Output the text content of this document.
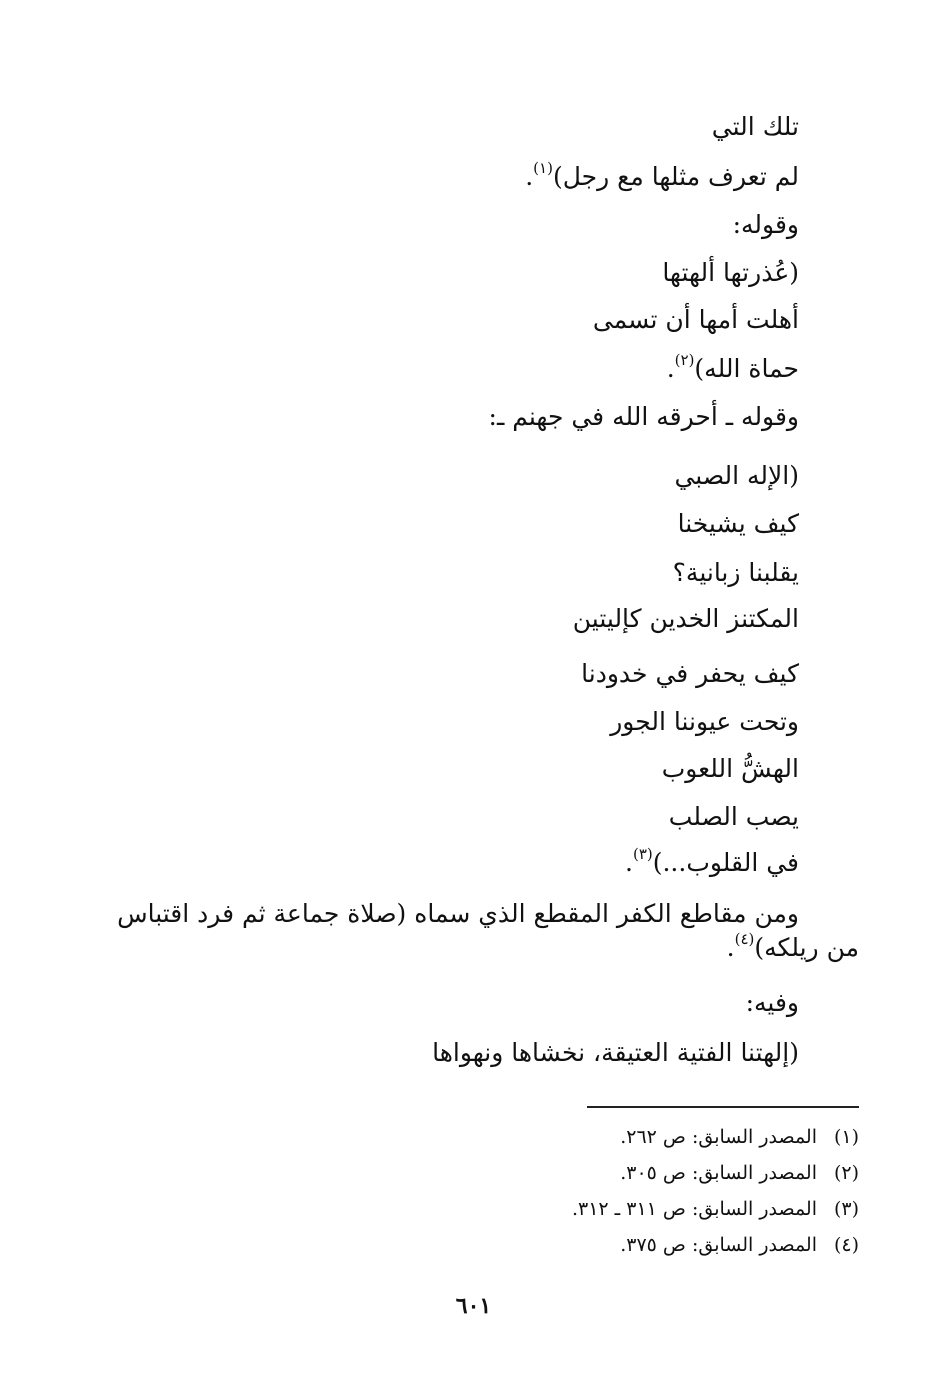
تلك التي
لم تعرف مثلها مع رجل)$^{(١)}$.
وقوله:
(عُذرتها ألهتها
أهلت أمها أن تسمى
حماة الله)$^{(٢)}$.
وقوله ـ أحرقه الله في جهنم ـ:
(الإله الصبي
كيف يشيخنا
يقلبنا زبانية؟
المكتنز الخدين كإليتين
كيف يحفر في خدودنا
وتحت عيوننا الجور
الهشُّ اللعوب
يصب الصلب
في القلوب...)$^{(٣)}$.
ومن مقاطع الكفر المقطع الذي سماه (صلاة جماعة ثم فرد اقتباس
من ريلكه)$^{(٤)}$.
وفيه:
(إلهتنا الفتية العتيقة، نخشاها ونهواها
(١)المصدر السابق: ص ٢٦٢.
(٢)المصدر السابق: ص ٣٠٥.
(٣)المصدر السابق: ص ٣١١ ـ ٣١٢.
(٤)المصدر السابق: ص ٣٧٥.
٦٠١
